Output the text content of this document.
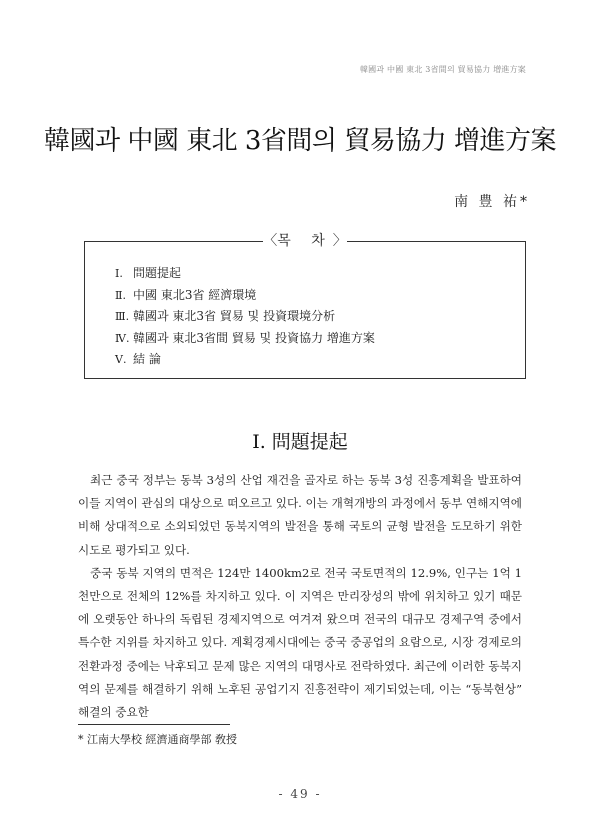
韓國과 中國 東北 3省間의 貿易協力 增進方案
韓國과 中國 東北 3省間의 貿易協力 增進方案
南 豊 祐*
〈목 차〉
Ⅰ. 問題提起
Ⅱ. 中國 東北3省 經濟環境
Ⅲ. 韓國과 東北3省 貿易 및 投資環境分析
Ⅳ. 韓國과 東北3省間 貿易 및 投資協力 增進方案
Ⅴ. 結 論
Ⅰ. 問題提起

최근 중국 정부는 동북 3성의 산업 재건을 골자로 하는 동북 3성 진흥계획을 발표하여 이들 지역이 관심의 대상으로 떠오르고 있다. 이는 개혁개방의 과정에서 동부 연해지역에 비해 상대적으로 소외되었던 동북지역의 발전을 통해 국토의 균형 발전을 도모하기 위한 시도로 평가되고 있다.

중국 동북 지역의 면적은 124만 1400km2로 전국 국토면적의 12.9%, 인구는 1억 1천만으로 전체의 12%를 차지하고 있다. 이 지역은 만리장성의 밖에 위치하고 있기 때문에 오랫동안 하나의 독립된 경제지역으로 여겨져 왔으며 전국의 대규모 경제구역 중에서 특수한 지위를 차지하고 있다. 계획경제시대에는 중국 중공업의 요람으로, 시장 경제로의 전환과정 중에는 낙후되고 문제 많은 지역의 대명사로 전락하였다. 최근에 이러한 동북지역의 문제를 해결하기 위해 노후된 공업기지 진흥전략이 제기되었는데, 이는 “동북현상” 해결의 중요한

* 江南大學校 經濟通商學部 敎授
- 49 -
